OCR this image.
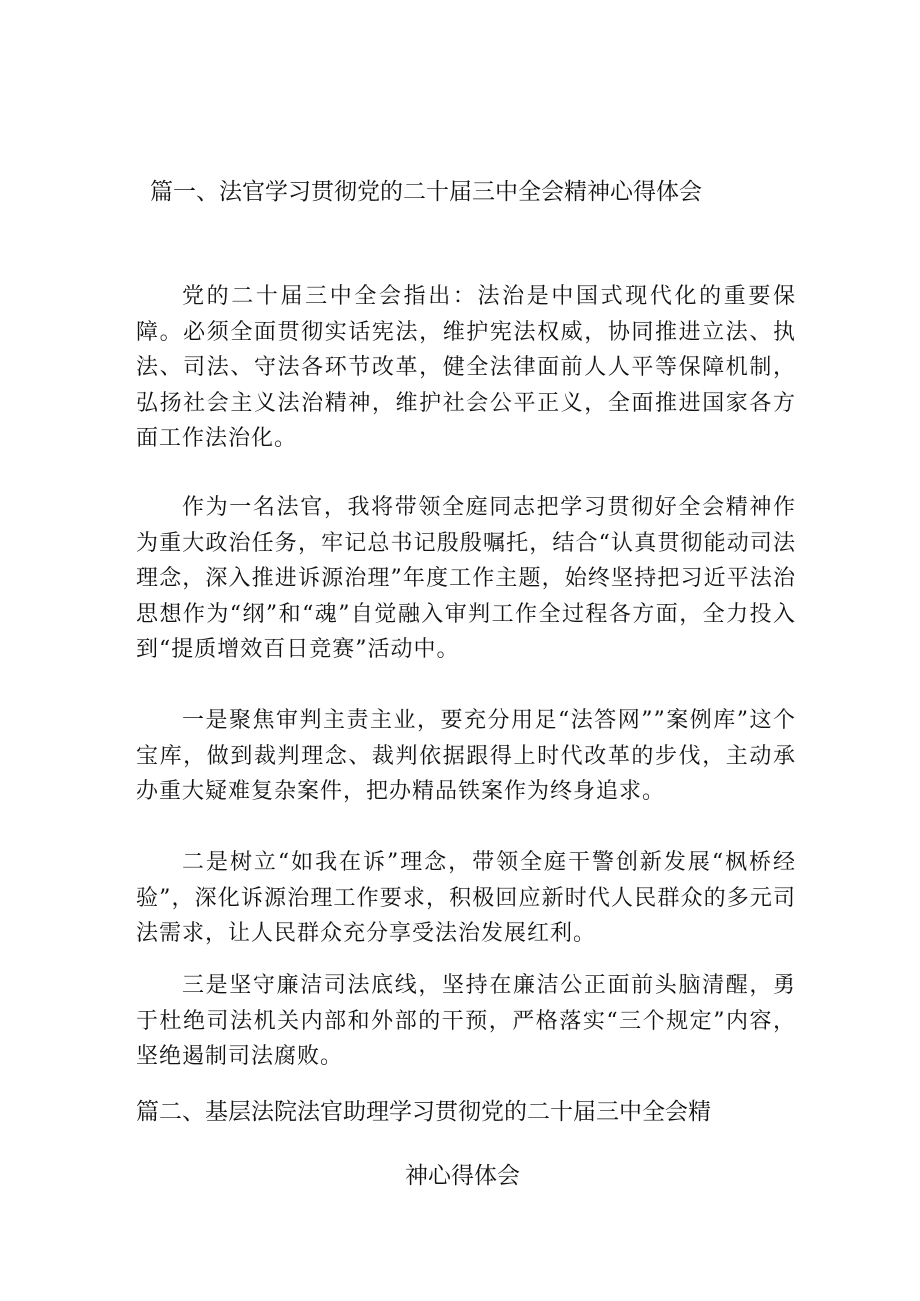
篇一、法官学习贯彻党的二十届三中全会精神心得体会

党的二十届三中全会指出：法治是中国式现代化的重要保障。必须全面贯彻实话宪法，维护宪法权威，协同推进立法、执法、司法、守法各环节改革，健全法律面前人人平等保障机制，弘扬社会主义法治精神，维护社会公平正义，全面推进国家各方面工作法治化。

作为一名法官，我将带领全庭同志把学习贯彻好全会精神作为重大政治任务，牢记总书记殷殷嘱托，结合“认真贯彻能动司法理念，深入推进诉源治理”年度工作主题，始终坚持把习近平法治思想作为“纲”和“魂”自觉融入审判工作全过程各方面，全力投入到“提质增效百日竞赛”活动中。

一是聚焦审判主责主业，要充分用足“法答网””案例库”这个宝库，做到裁判理念、裁判依据跟得上时代改革的步伐，主动承办重大疑难复杂案件，把办精品铁案作为终身追求。

二是树立“如我在诉”理念，带领全庭干警创新发展“枫桥经验”，深化诉源治理工作要求，积极回应新时代人民群众的多元司法需求，让人民群众充分享受法治发展红利。

三是坚守廉洁司法底线，坚持在廉洁公正面前头脑清醒，勇于杜绝司法机关内部和外部的干预，严格落实“三个规定”内容，坚绝遏制司法腐败。

篇二、基层法院法官助理学习贯彻党的二十届三中全会精
神心得体会
